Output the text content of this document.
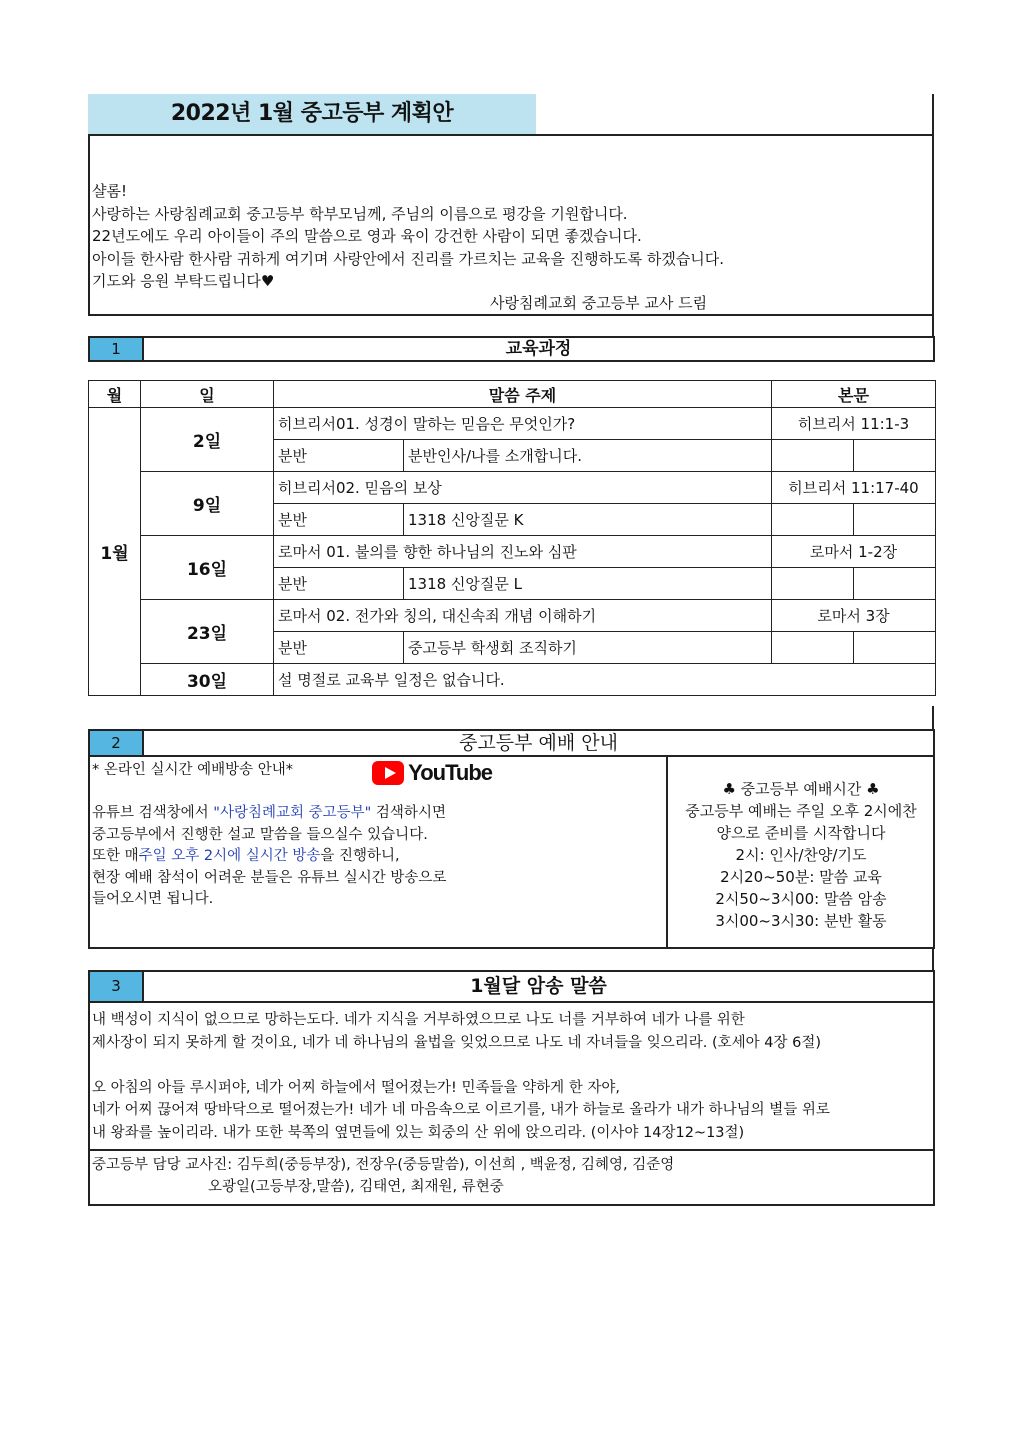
2022년 1월 중고등부 계획안
샬롬!
사랑하는 사랑침례교회 중고등부 학부모님께, 주님의 이름으로 평강을 기원합니다.
22년도에도 우리 아이들이 주의 말씀으로 영과 육이 강건한 사람이 되면 좋겠습니다.
아이들 한사람 한사람 귀하게 여기며 사랑안에서 진리를 가르치는 교육을 진행하도록 하겠습니다.
기도와 응원 부탁드립니다♥
사랑침례교회 중고등부 교사 드림
1	교육과정
월	일	말씀 주제		본문	
1월	2일	히브리서01. 성경이 말하는 믿음은 무엇인가?		히브리서 11:1-3	
		분반	분반인사/나를 소개합니다.		
	9일	히브리서02. 믿음의 보상		히브리서 11:17-40	
		분반	1318 신앙질문 K		
	16일	로마서 01. 불의를 향한 하나님의 진노와 심판		로마서 1-2장	
		분반	1318 신앙질문 L		
	23일	로마서 02. 전가와 칭의, 대신속죄 개념 이해하기		로마서 3장	
		분반	중고등부 학생회 조직하기		
	30일	설 명절로 교육부 일정은 없습니다.			
2	중고등부 예배 안내
YouTube
* 온라인 실시간 예배방송 안내*
유튜브 검색창에서 "사랑침례교회 중고등부" 검색하시면
중고등부에서 진행한 설교 말씀을 들으실수 있습니다.
또한 매주일 오후 2시에 실시간 방송을 진행하니,
현장 예배 참석이 어려운 분들은 유튜브 실시간 방송으로
들어오시면 됩니다.
♣ 중고등부 예배시간 ♣
중고등부 예배는 주일 오후 2시에찬
양으로 준비를 시작합니다
2시: 인사/찬양/기도
2시20~50분: 말씀 교육
2시50~3시00: 말씀 암송
3시00~3시30: 분반 활동
3	1월달 암송 말씀
내 백성이 지식이 없으므로 망하는도다. 네가 지식을 거부하였으므로 나도 너를 거부하여 네가 나를 위한
제사장이 되지 못하게 할 것이요, 네가 네 하나님의 율법을 잊었으므로 나도 네 자녀들을 잊으리라. (호세아 4장 6절)
오 아침의 아들 루시퍼야, 네가 어찌 하늘에서 떨어졌는가! 민족들을 약하게 한 자야,
네가 어찌 끊어져 땅바닥으로 떨어졌는가! 네가 네 마음속으로 이르기를, 내가 하늘로 올라가 내가 하나님의 별들 위로
내 왕좌를 높이리라. 내가 또한 북쪽의 옆면들에 있는 회중의 산 위에 앉으리라. (이사야 14장12~13절)
중고등부 담당 교사진: 김두희(중등부장), 전장우(중등말씀), 이선희 , 백윤정, 김혜영, 김준영
오광일(고등부장,말씀), 김태연, 최재원, 류현중
